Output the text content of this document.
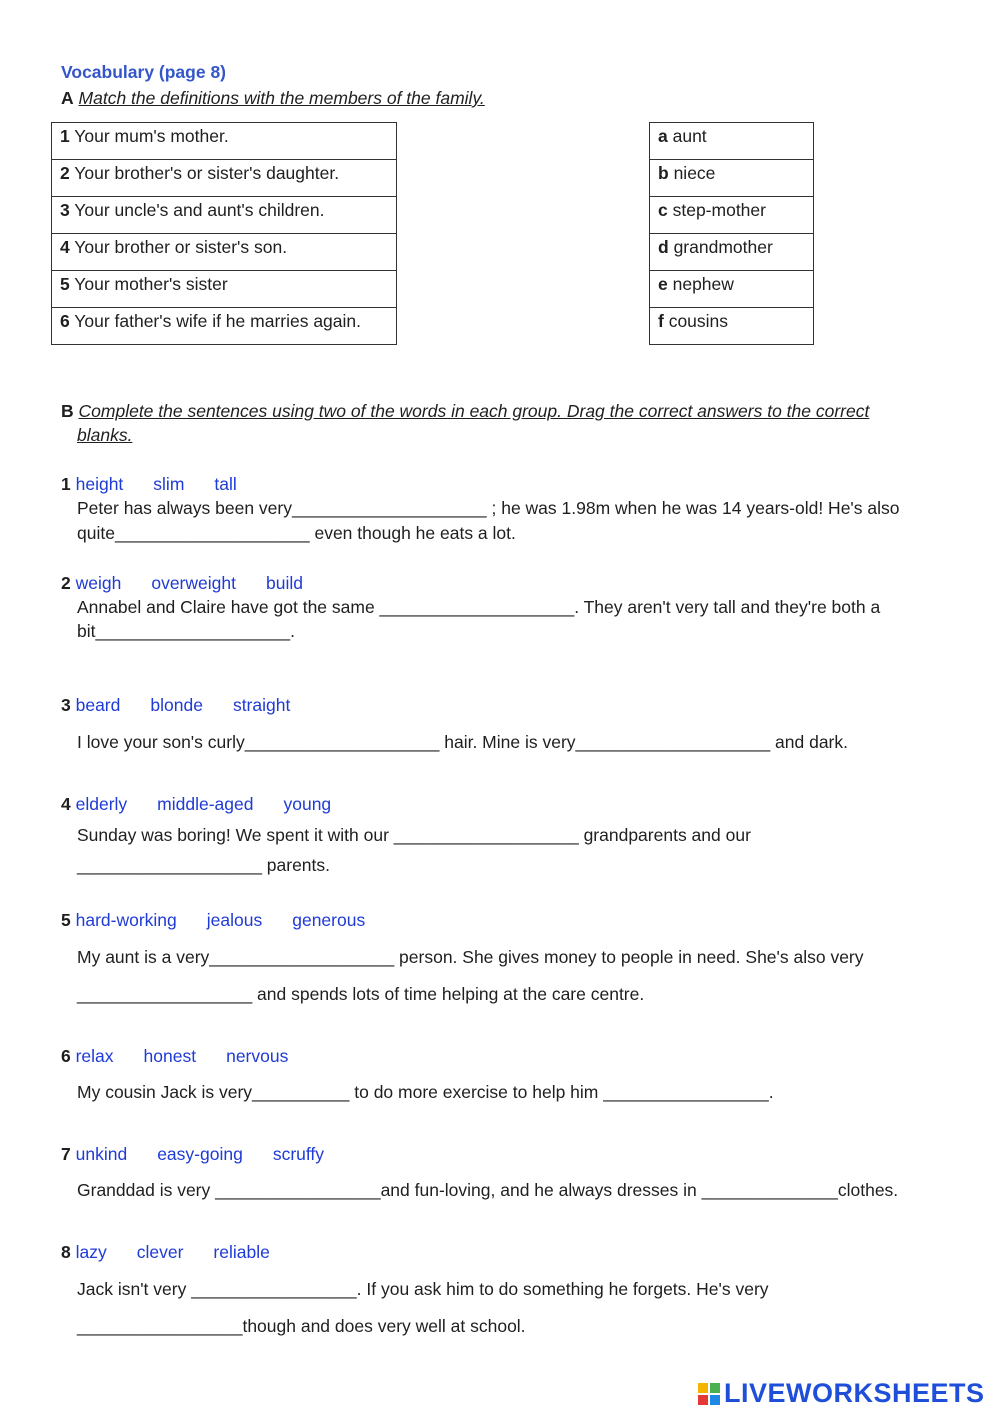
Vocabulary (page 8)
A Match the definitions with the members of the family.
1 Your mum's mother.
2 Your brother's or sister's daughter.
3 Your uncle's and aunt's children.
4 Your brother or sister's son.
5 Your mother's sister
6 Your father's wife if he marries again.
a aunt
b niece
c step-mother
d grandmother
e nephew
f cousins
B Complete the sentences using two of the words in each group. Drag the correct answers to the correct
blanks.
1 height slim tall
Peter has always been very____________________ ; he was 1.98m when he was 14 years-old! He's also
quite____________________ even though he eats a lot.
2 weigh overweight build
Annabel and Claire have got the same ____________________. They aren't very tall and they're both a
bit____________________.
3 beard blonde straight
I love your son's curly____________________ hair. Mine is very____________________ and dark.
4 elderly middle-aged young
Sunday was boring! We spent it with our ___________________ grandparents and our
___________________ parents.
5 hard-working jealous generous
My aunt is a very___________________ person. She gives money to people in need. She's also very
__________________ and spends lots of time helping at the care centre.
6 relax honest nervous
My cousin Jack is very__________ to do more exercise to help him _________________.
7 unkind easy-going scruffy
Granddad is very _________________and fun-loving, and he always dresses in ______________clothes.
8 lazy clever reliable
Jack isn't very _________________. If you ask him to do something he forgets. He's very
_________________though and does very well at school.
LIVEWORKSHEETS
